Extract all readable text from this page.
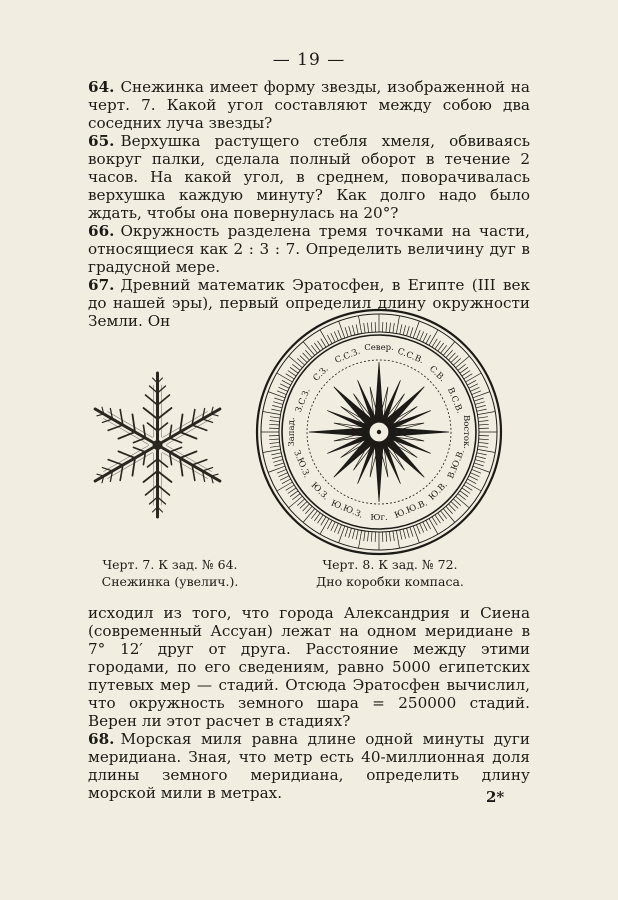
— 19 —

64. Снежинка имеет форму звезды, изображенной на черт. 7. Какой угол составляют между собою два соседних луча звезды?

65. Верхушка растущего стебля хмеля, обвиваясь вокруг палки, сделала полный оборот в течение 2 часов. На какой угол, в среднем, поворачивалась верхушка каждую минуту? Как долго надо было ждать, чтобы она повернулась на 20°?

66. Окружность разделена тремя точками на части, относящиеся как 2 : 3 : 7. Определить величину дуг в градусной мере.

67. Древний математик Эратосфен, в Египте (III век до нашей эры), первый определил длину окружности Земли. Он

Север.
Юг.
Восток.
Запад.
С.С.В.
С.В.
В.С.В.
В.Ю.В.
Ю.В.
Ю.Ю.В.
Ю.Ю.З.
Ю.З.
З.Ю.З.
З.С.З.
С.З.
С.С.З.
Черт. 7. К зад. № 64.
Снежинка (увелич.).
Черт. 8. К зад. № 72.
Дно коробки компаса.

исходил из того, что города Александрия и Сиена (современный Ассуан) лежат на одном меридиане в 7° 12′ друг от друга. Расстояние между этими городами, по его сведениям, равно 5000 египетских путевых мер — стадий. Отсюда Эратосфен вычислил, что окружность земного шара = 250000 стадий. Верен ли этот расчет в стадиях?

68. Морская миля равна длине одной минуты дуги меридиана. Зная, что метр есть 40-миллионная доля длины земного меридиана, определить длину морской мили в метрах.	2*
